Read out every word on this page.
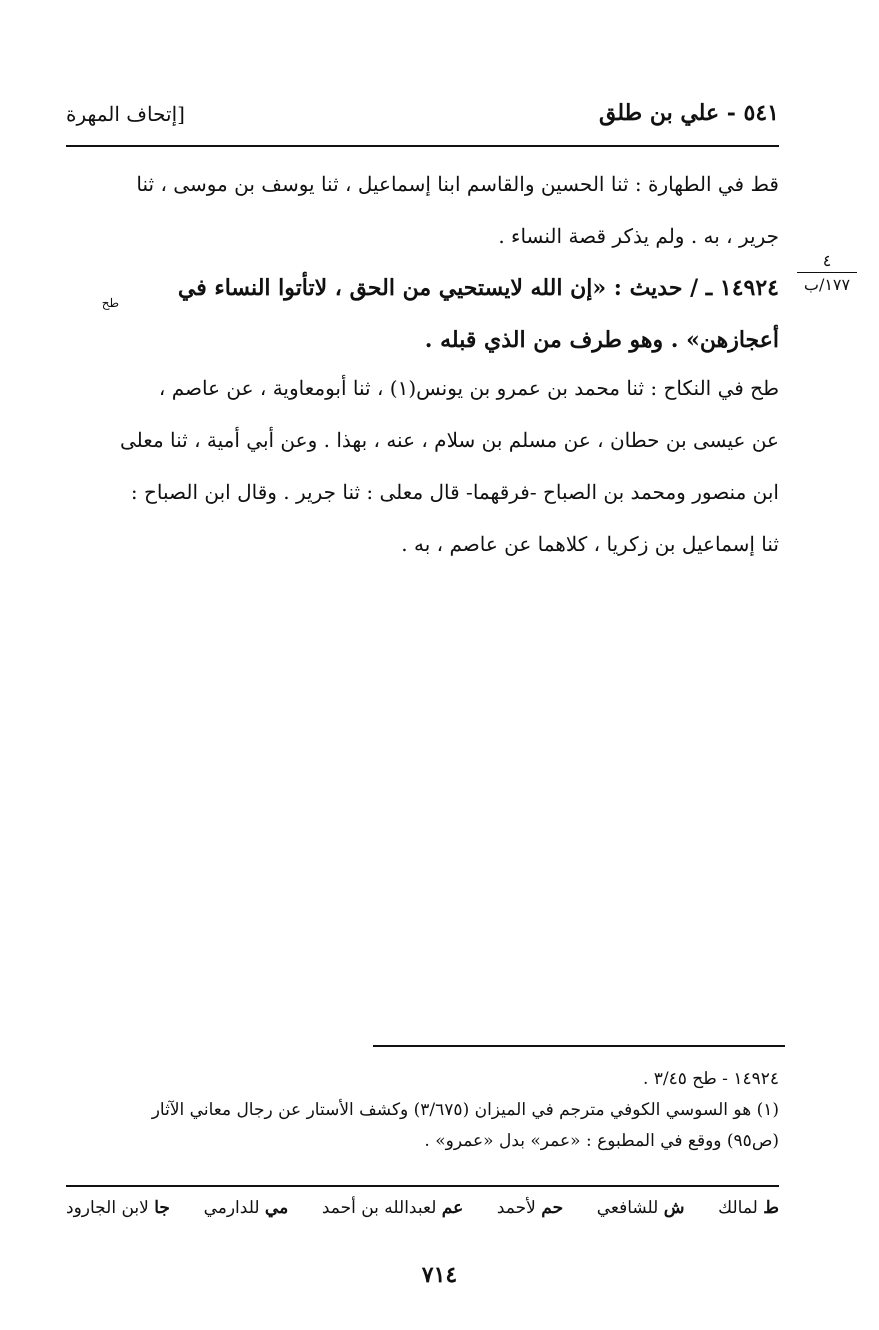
٥٤١ - علي بن طلق
[إتحاف المهرة
قط في الطهارة : ثنا الحسين والقاسم ابنا إسماعيل ، ثنا يوسف بن موسى ، ثنا
جرير ، به . ولم يذكر قصة النساء .
٤
١٧٧/ب
١٤٩٢٤ ـ / حديث : «إن الله لايستحيي من الحق ، لاتأتوا النساء في
أعجازهن» . وهو طرف من الذي قبله .
طح
طح في النكاح : ثنا محمد بن عمرو بن يونس(١) ، ثنا أبومعاوية ، عن عاصم ،
عن عيسى بن حطان ، عن مسلم بن سلام ، عنه ، بهذا . وعن أبي أمية ، ثنا معلى
ابن منصور ومحمد بن الصباح -فرقهما- قال معلى : ثنا جرير . وقال ابن الصباح :
ثنا إسماعيل بن زكريا ، كلاهما عن عاصم ، به .
١٤٩٢٤ - طح ٣/٤٥ .
(١) هو السوسي الكوفي مترجم في الميزان (٣/٦٧٥) وكشف الأستار عن رجال معاني الآثار
(ص٩٥) ووقع في المطبوع : «عمر» بدل «عمرو» .
ط لمالك
ش للشافعي
حم لأحمد
عم لعبدالله بن أحمد
مي للدارمي
جا لابن الجارود
٧١٤
